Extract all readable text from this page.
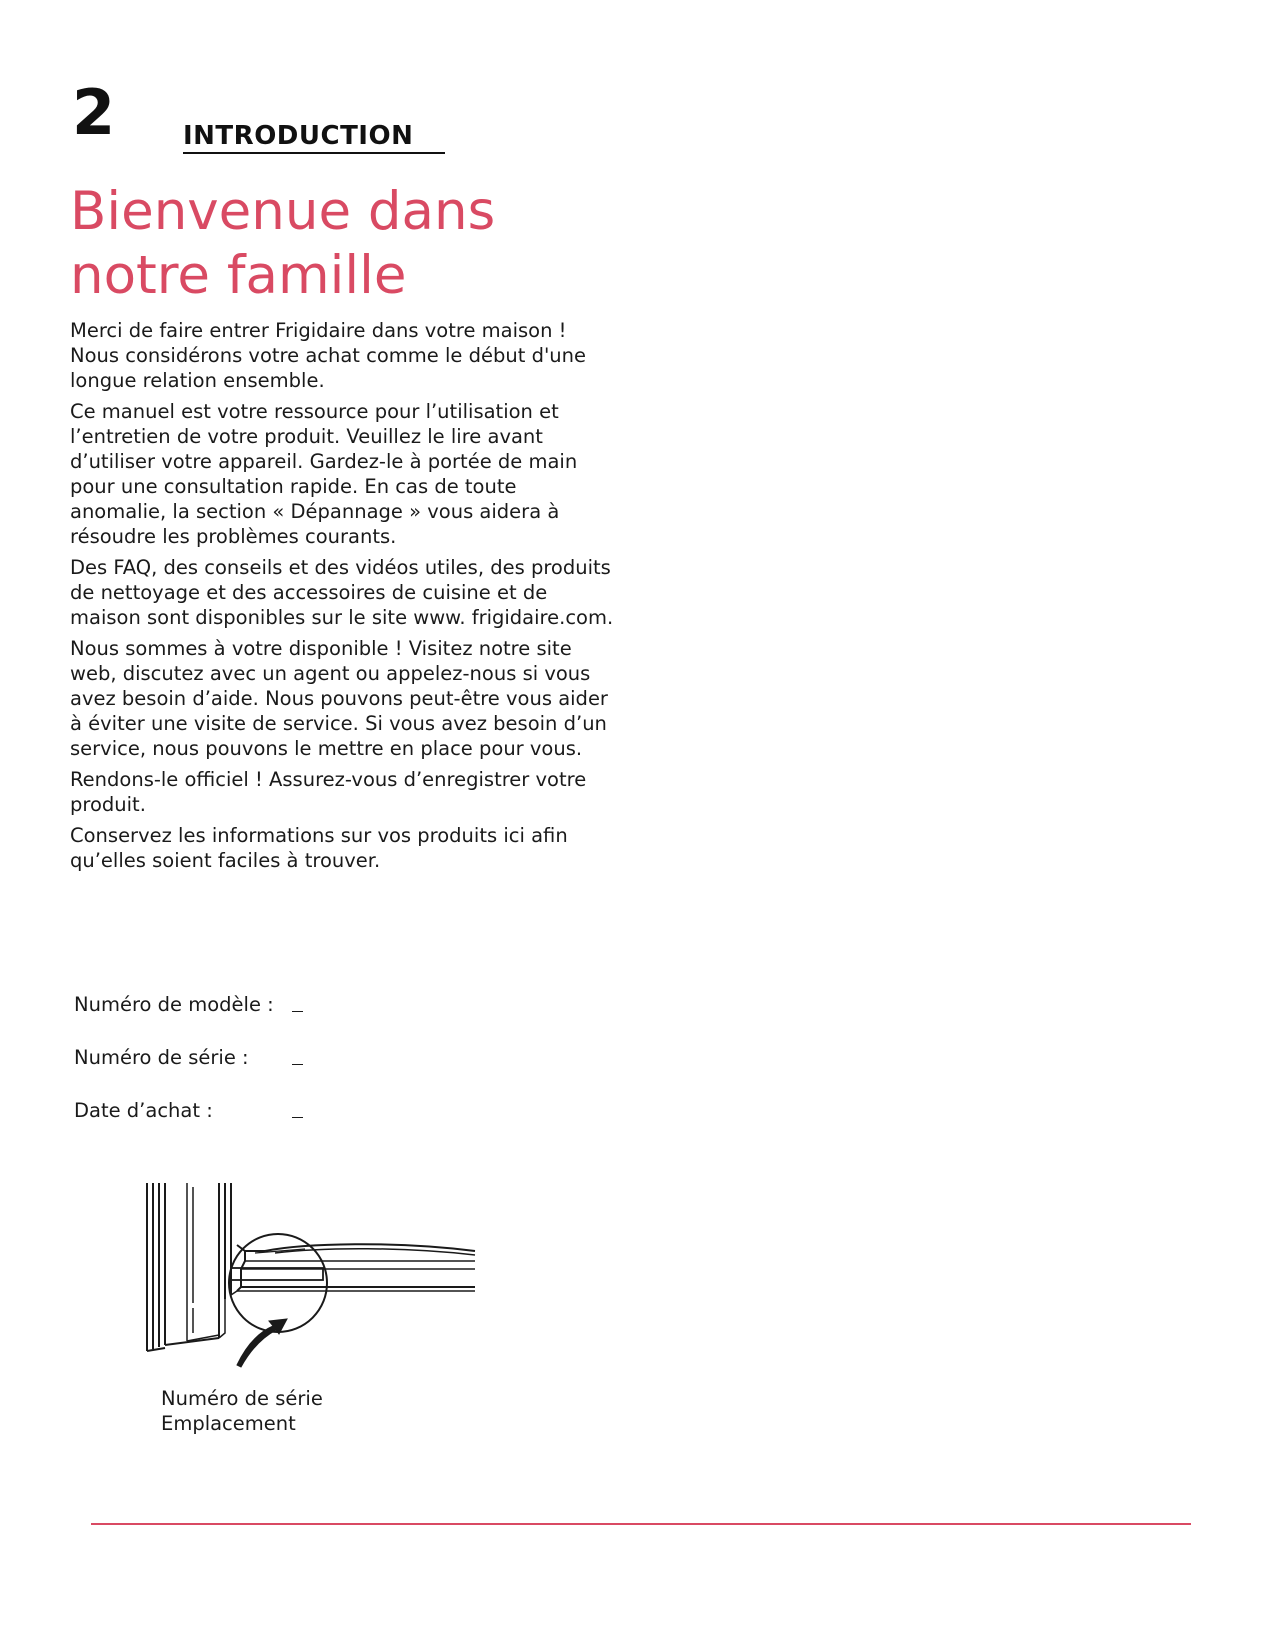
2	INTRODUCTION
Bienvenue dans
notre famille

Merci de faire entrer Frigidaire dans votre maison ! Nous considérons votre achat comme le début d'une longue relation ensemble.

Ce manuel est votre ressource pour l’utilisation et l’entretien de votre produit. Veuillez le lire avant d’utiliser votre appareil. Gardez-le à portée de main pour une consultation rapide. En cas de toute anomalie, la section « Dépannage » vous aidera à résoudre les problèmes courants.

Des FAQ, des conseils et des vidéos utiles, des produits de nettoyage et des accessoires de cuisine et de maison sont disponibles sur le site www. frigidaire.com.

Nous sommes à votre disponible ! Visitez notre site web, discutez avec un agent ou appelez-nous si vous avez besoin d’aide. Nous pouvons peut-être vous aider à éviter une visite de service. Si vous avez besoin d’un service, nous pouvons le mettre en place pour vous.

Rendons-le officiel ! Assurez-vous d’enregistrer votre produit.

Conservez les informations sur vos produits ici afin qu’elles soient faciles à trouver.

Numéro de modèle :
Numéro de série :
Date d’achat :
Numéro de série
Emplacement
